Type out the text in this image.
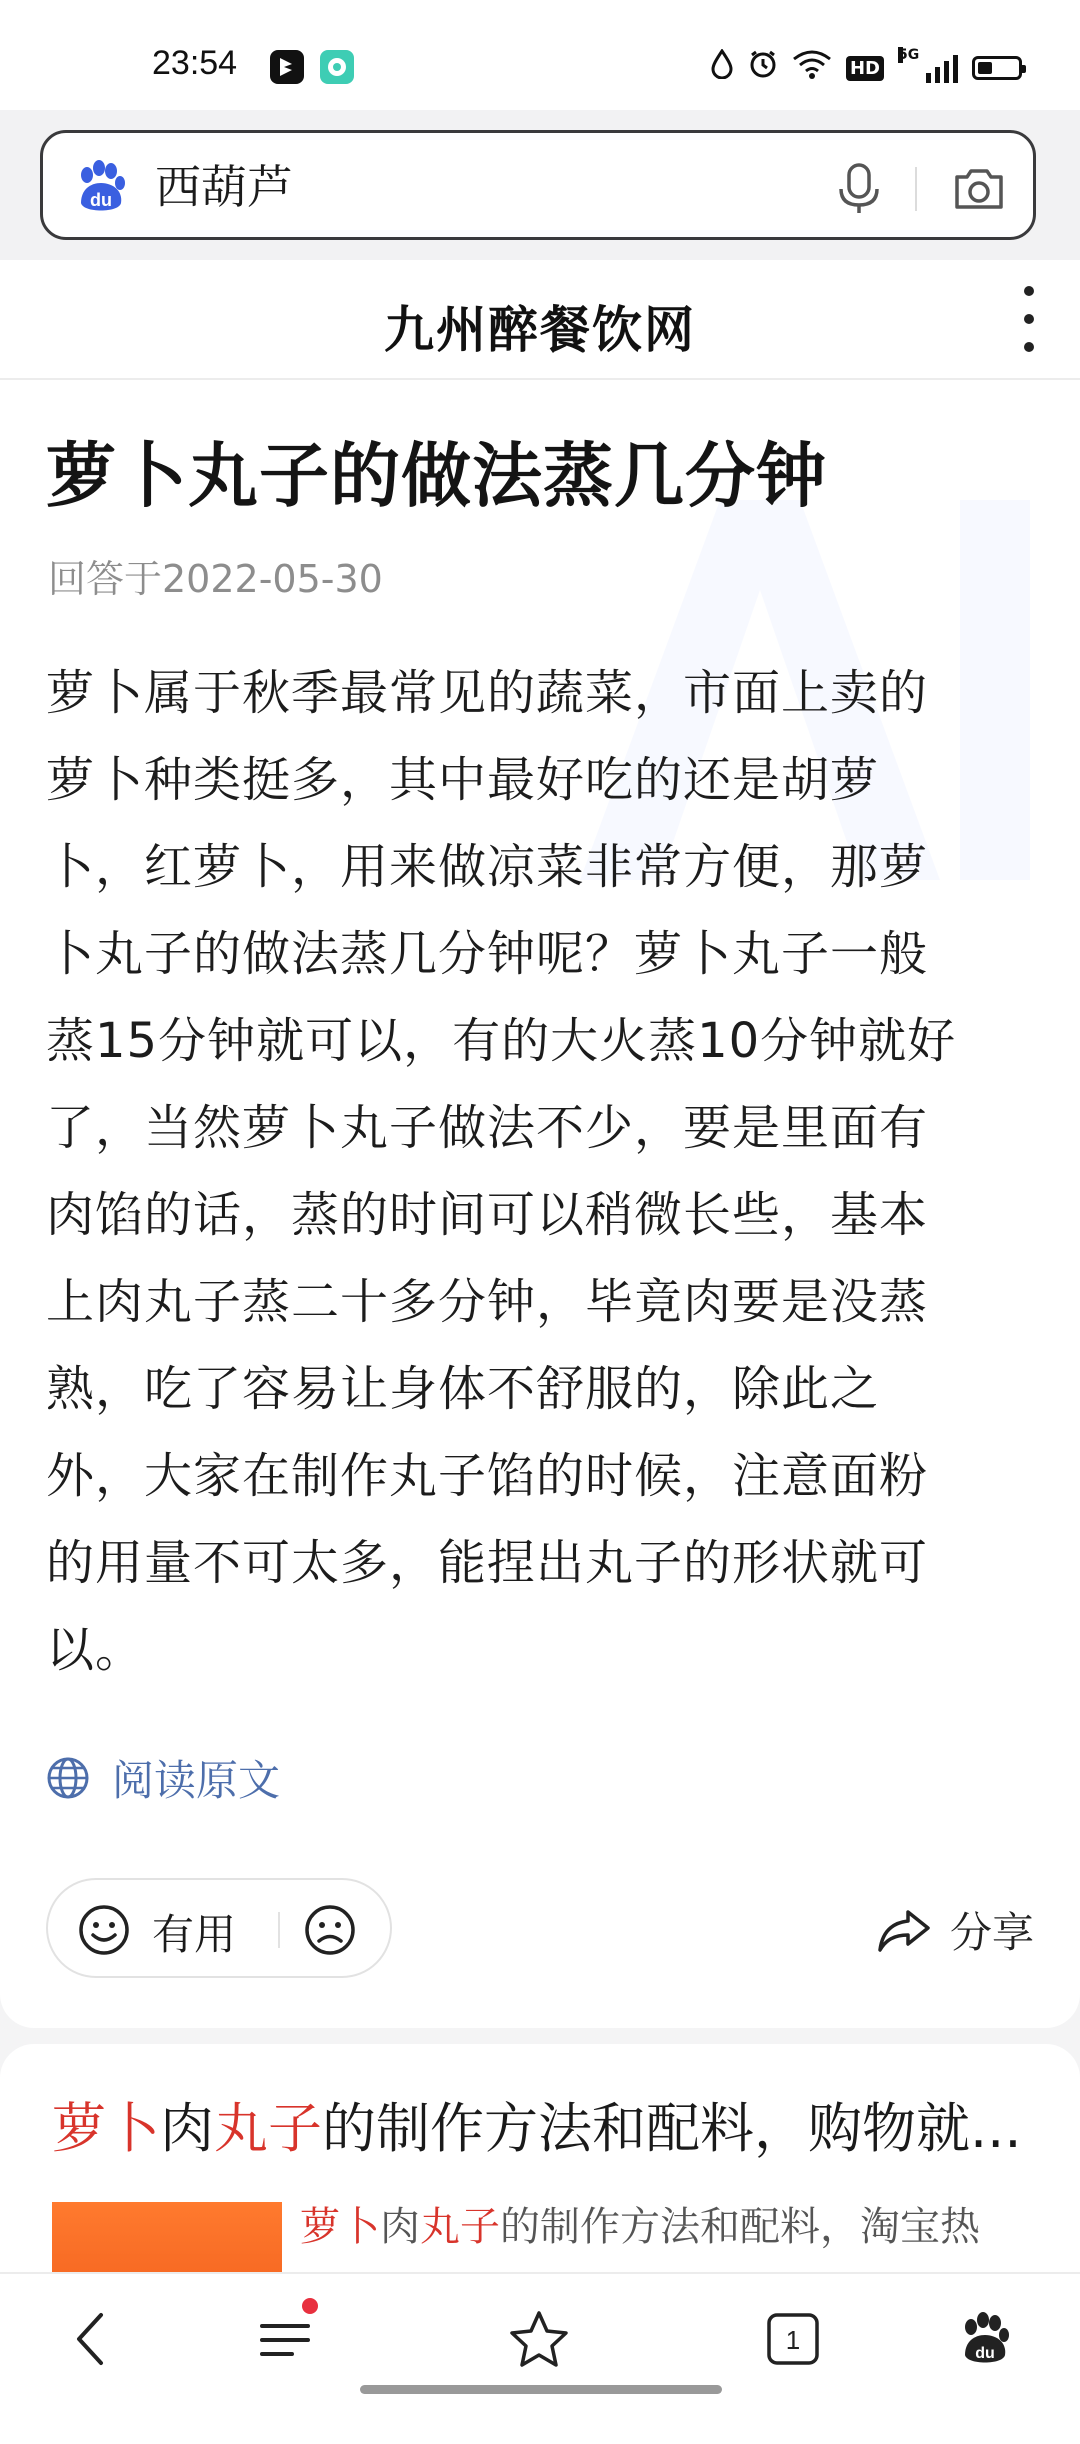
23:54	HD
5G
du 西葫芦
九州醉餐饮网
萝卜丸子的做法蒸几分钟
回答于2022-05-30
萝卜属于秋季最常见的蔬菜，市面上卖的
萝卜种类挺多，其中最好吃的还是胡萝
卜，红萝卜，用来做凉菜非常方便，那萝
卜丸子的做法蒸几分钟呢？萝卜丸子一般
蒸15分钟就可以，有的大火蒸10分钟就好
了，当然萝卜丸子做法不少，要是里面有
肉馅的话，蒸的时间可以稍微长些，基本
上肉丸子蒸二十多分钟，毕竟肉要是没蒸
熟，吃了容易让身体不舒服的，除此之
外，大家在制作丸子馅的时候，注意面粉
的用量不可太多，能捏出丸子的形状就可
以。
阅读原文
有用	分享
萝卜肉丸子的制作方法和配料，购物就...
萝卜肉丸子的制作方法和配料，淘宝热
1	du
